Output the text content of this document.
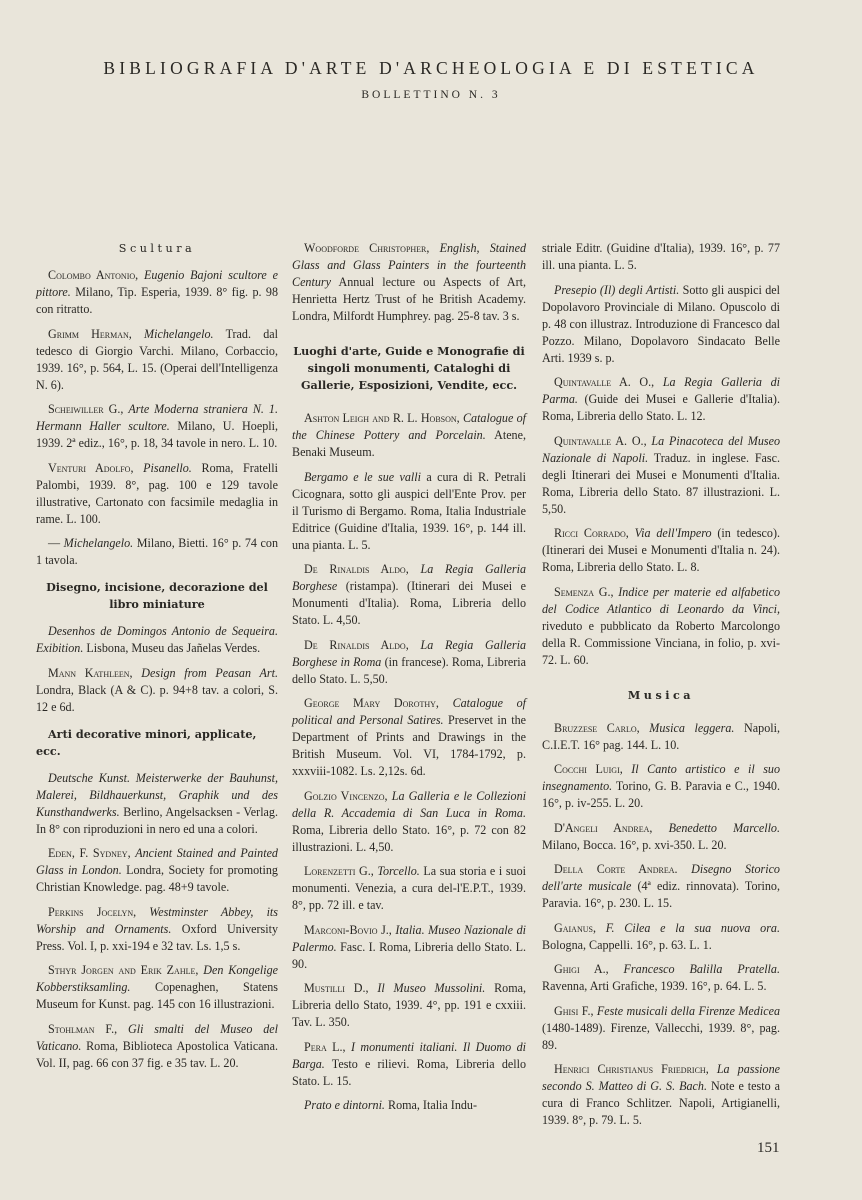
BIBLIOGRAFIA D'ARTE D'ARCHEOLOGIA E DI ESTETICA
BOLLETTINO N. 3
Scultura

Colombo Antonio, Eugenio Bajoni scultore e pittore. Milano, Tip. Esperia, 1939. 8° fig. p. 98 con ritratto.

Grimm Herman, Michelangelo. Trad. dal tedesco di Giorgio Varchi. Milano, Corbaccio, 1939. 16°, p. 564, L. 15. (Operai dell'Intelligenza N. 6).

Scheiwiller G., Arte Moderna straniera N. 1. Hermann Haller scultore. Milano, U. Hoepli, 1939. 2ª ediz., 16°, p. 18, 34 tavole in nero. L. 10.

Venturi Adolfo, Pisanello. Roma, Fratelli Palombi, 1939. 8°, pag. 100 e 129 tavole illustrative, Cartonato con facsimile medaglia in rame. L. 100.

— Michelangelo. Milano, Bietti. 16° p. 74 con 1 tavola.

Disegno, incisione, decorazione del libro miniature

Desenhos de Domingos Antonio de Sequeira. Exibition. Lisbona, Museu das Jañelas Verdes.

Mann Kathleen, Design from Peasan Art. Londra, Black (A & C). p. 94+8 tav. a colori, S. 12 e 6d.

Arti decorative minori, applicate, ecc.

Deutsche Kunst. Meisterwerke der Bauhunst, Malerei, Bildhauerkunst, Graphik und des Kunsthandwerks. Berlino, Angelsacksen - Verlag. In 8° con riproduzioni in nero ed una a colori.

Eden, F. Sydney, Ancient Stained and Painted Glass in London. Londra, Society for promoting Christian Knowledge. pag. 48+9 tavole.

Perkins Jocelyn, Westminster Abbey, its Worship and Ornaments. Oxford University Press. Vol. I, p. xxi-194 e 32 tav. Ls. 1,5 s.

Sthyr Jorgen and Erik Zahle, Den Kongelige Kobberstiksamling. Copenaghen, Statens Museum for Kunst. pag. 145 con 16 illustrazioni.

Stohlman F., Gli smalti del Museo del Vaticano. Roma, Biblioteca Apostolica Vaticana. Vol. II, pag. 66 con 37 fig. e 35 tav. L. 20.

Woodforde Christopher, English, Stained Glass and Glass Painters in the fourteenth Century Annual lecture ou Aspects of Art, Henrietta Hertz Trust of he British Academy. Londra, Milfordt Humphrey. pag. 25-8 tav. 3 s.

Luoghi d'arte, Guide e Monografie di singoli monumenti, Cataloghi di Gallerie, Esposizioni, Vendite, ecc.

Ashton Leigh and R. L. Hobson, Catalogue of the Chinese Pottery and Porcelain. Atene, Benaki Museum.

Bergamo e le sue valli a cura di R. Petrali Cicognara, sotto gli auspici dell'Ente Prov. per il Turismo di Bergamo. Roma, Italia Industriale Editrice (Guidine d'Italia, 1939. 16°, p. 144 ill. una pianta. L. 5.

De Rinaldis Aldo, La Regia Galleria Borghese (ristampa). (Itinerari dei Musei e Monumenti d'Italia). Roma, Libreria dello Stato. L. 4,50.

De Rinaldis Aldo, La Regia Galleria Borghese in Roma (in francese). Roma, Libreria dello Stato. L. 5,50.

George Mary Dorothy, Catalogue of political and Personal Satires. Preservet in the Department of Prints and Drawings in the British Museum. Vol. VI, 1784-1792, p. xxxviii-1082. Ls. 2,12s. 6d.

Golzio Vincenzo, La Galleria e le Collezioni della R. Accademia di San Luca in Roma. Roma, Libreria dello Stato. 16°, p. 72 con 82 illustrazioni. L. 4,50.

Lorenzetti G., Torcello. La sua storia e i suoi monumenti. Venezia, a cura del-l'E.P.T., 1939. 8°, pp. 72 ill. e tav.

Marconi-Bovio J., Italia. Museo Nazionale di Palermo. Fasc. I. Roma, Libreria dello Stato. L. 90.

Mustilli D., Il Museo Mussolini. Roma, Libreria dello Stato, 1939. 4°, pp. 191 e cxxiii. Tav. L. 350.

Pera L., I monumenti italiani. Il Duomo di Barga. Testo e rilievi. Roma, Libreria dello Stato. L. 15.

Prato e dintorni. Roma, Italia Indu-

striale Editr. (Guidine d'Italia), 1939. 16°, p. 77 ill. una pianta. L. 5.

Presepio (Il) degli Artisti. Sotto gli auspici del Dopolavoro Provinciale di Milano. Opuscolo di p. 48 con illustraz. Introduzione di Francesco dal Pozzo. Milano, Dopolavoro Sindacato Belle Arti. 1939 s. p.

Quintavalle A. O., La Regia Galleria di Parma. (Guide dei Musei e Gallerie d'Italia). Roma, Libreria dello Stato. L. 12.

Quintavalle A. O., La Pinacoteca del Museo Nazionale di Napoli. Traduz. in inglese. Fasc. degli Itinerari dei Musei e Monumenti d'Italia. Roma, Libreria dello Stato. 87 illustrazioni. L. 5,50.

Ricci Corrado, Via dell'Impero (in tedesco). (Itinerari dei Musei e Monumenti d'Italia n. 24). Roma, Libreria dello Stato. L. 8.

Semenza G., Indice per materie ed alfabetico del Codice Atlantico di Leonardo da Vinci, riveduto e pubblicato da Roberto Marcolongo della R. Commissione Vinciana, in folio, p. xvi-72. L. 60.

Musica

Bruzzese Carlo, Musica leggera. Napoli, C.I.E.T. 16° pag. 144. L. 10.

Cocchi Luigi, Il Canto artistico e il suo insegnamento. Torino, G. B. Paravia e C., 1940. 16°, p. iv-255. L. 20.

D'Angeli Andrea, Benedetto Marcello. Milano, Bocca. 16°, p. xvi-350. L. 20.

Della Corte Andrea. Disegno Storico dell'arte musicale (4ª ediz. rinnovata). Torino, Paravia. 16°, p. 230. L. 15.

Gaianus, F. Cilea e la sua nuova ora. Bologna, Cappelli. 16°, p. 63. L. 1.

Ghigi A., Francesco Balilla Pratella. Ravenna, Arti Grafiche, 1939. 16°, p. 64. L. 5.

Ghisi F., Feste musicali della Firenze Medicea (1480-1489). Firenze, Vallecchi, 1939. 8°, pag. 89.

Henrici Christianus Friedrich, La passione secondo S. Matteo di G. S. Bach. Note e testo a cura di Franco Schlitzer. Napoli, Artigianelli, 1939. 8°, p. 79. L. 5.

151
